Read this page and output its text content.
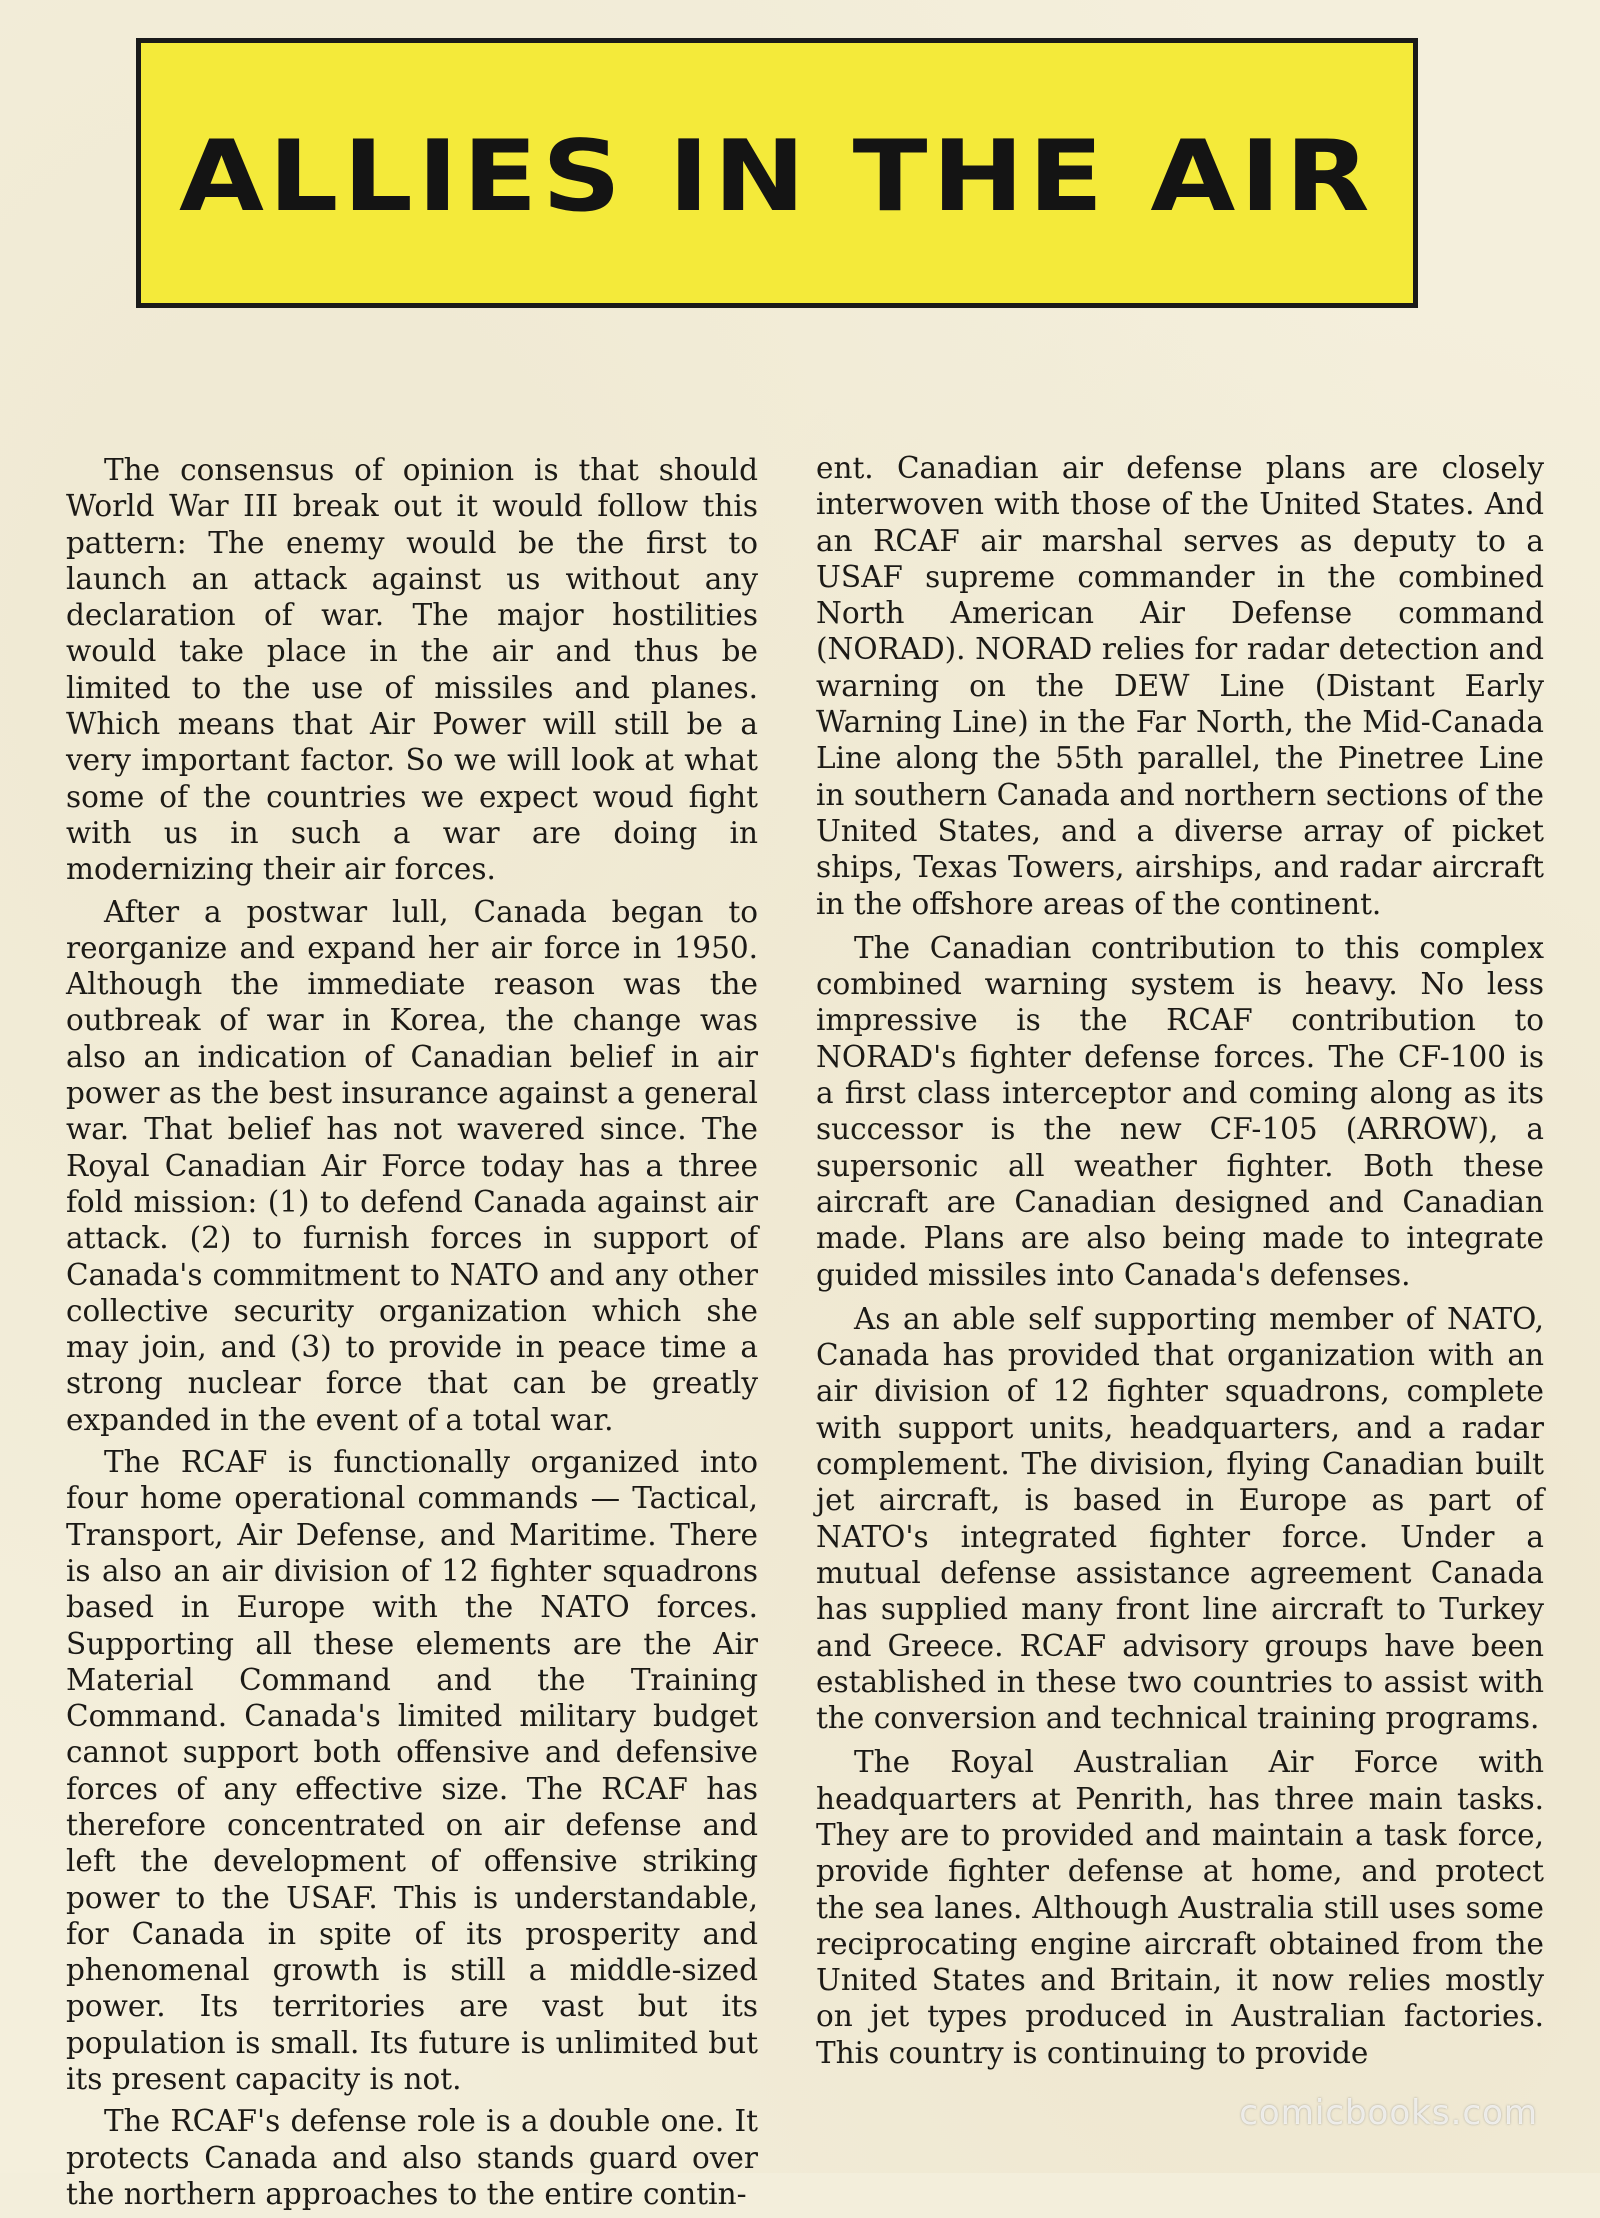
ALLIES IN THE AIR

The consensus of opinion is that should World War III break out it would follow this pattern: The enemy would be the first to launch an attack against us without any declaration of war. The major hostilities would take place in the air and thus be limited to the use of missiles and planes. Which means that Air Power will still be a very important factor. So we will look at what some of the countries we expect woud fight with us in such a war are doing in modernizing their air forces.

After a postwar lull, Canada began to reorganize and expand her air force in 1950. Although the immediate reason was the outbreak of war in Korea, the change was also an indication of Canadian belief in air power as the best insurance against a general war. That belief has not wavered since. The Royal Canadian Air Force today has a three fold mission: (1) to defend Canada against air attack. (2) to furnish forces in support of Canada's commitment to NATO and any other collective security organization which she may join, and (3) to provide in peace time a strong nuclear force that can be greatly expanded in the event of a total war.

The RCAF is functionally organized into four home operational commands — Tactical, Transport, Air Defense, and Maritime. There is also an air division of 12 fighter squadrons based in Europe with the NATO forces. Supporting all these elements are the Air Material Command and the Training Command. Canada's limited military budget cannot support both offensive and defensive forces of any effective size. The RCAF has therefore concentrated on air defense and left the development of offensive striking power to the USAF. This is understandable, for Canada in spite of its prosperity and phenomenal growth is still a middle-sized power. Its territories are vast but its population is small. Its future is unlimited but its present capacity is not.

The RCAF's defense role is a double one. It protects Canada and also stands guard over the northern approaches to the entire contin-

ent. Canadian air defense plans are closely interwoven with those of the United States. And an RCAF air marshal serves as deputy to a USAF supreme commander in the combined North American Air Defense command (NORAD). NORAD relies for radar detection and warning on the DEW Line (Distant Early Warning Line) in the Far North, the Mid-Canada Line along the 55th parallel, the Pinetree Line in southern Canada and northern sections of the United States, and a diverse array of picket ships, Texas Towers, airships, and radar aircraft in the offshore areas of the continent.

The Canadian contribution to this complex combined warning system is heavy. No less impressive is the RCAF contribution to NORAD's fighter defense forces. The CF-100 is a first class interceptor and coming along as its successor is the new CF-105 (ARROW), a supersonic all weather fighter. Both these aircraft are Canadian designed and Canadian made. Plans are also being made to integrate guided missiles into Canada's defenses.

As an able self supporting member of NATO, Canada has provided that organization with an air division of 12 fighter squadrons, complete with support units, headquarters, and a radar complement. The division, flying Canadian built jet aircraft, is based in Europe as part of NATO's integrated fighter force. Under a mutual defense assistance agreement Canada has supplied many front line aircraft to Turkey and Greece. RCAF advisory groups have been established in these two countries to assist with the conversion and technical training programs.

The Royal Australian Air Force with headquarters at Penrith, has three main tasks. They are to provided and maintain a task force, provide fighter defense at home, and protect the sea lanes. Although Australia still uses some reciprocating engine aircraft obtained from the United States and Britain, it now relies mostly on jet types produced in Australian factories. This country is continuing to provide

comicbooks.com
